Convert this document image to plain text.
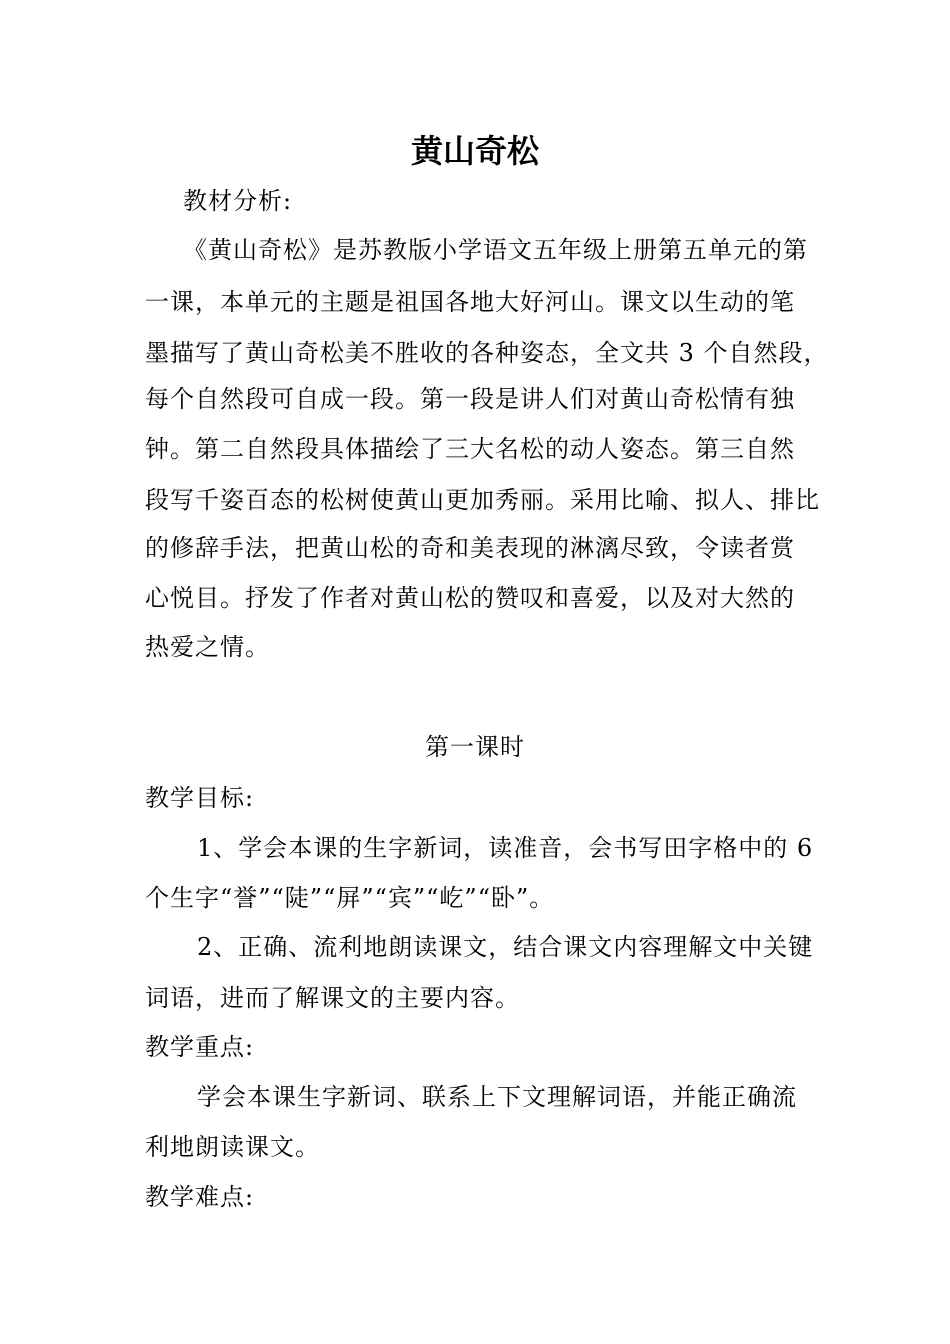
黄山奇松
教材分析:
《黄山奇松》是苏教版小学语文五年级上册第五单元的第
一课，本单元的主题是祖国各地大好河山。课文以生动的笔
墨描写了黄山奇松美不胜收的各种姿态，全文共 3 个自然段，
每个自然段可自成一段。第一段是讲人们对黄山奇松情有独
钟。第二自然段具体描绘了三大名松的动人姿态。第三自然
段写千姿百态的松树使黄山更加秀丽。采用比喻、拟人、排比
的修辞手法，把黄山松的奇和美表现的淋漓尽致，令读者赏
心悦目。抒发了作者对黄山松的赞叹和喜爱，以及对大然的
热爱之情。
第一课时
教学目标:
1、学会本课的生字新词，读准音，会书写田字格中的 6
个生字“誉”“陡”“屏”“宾”“屹”“卧”。
2、正确、流利地朗读课文，结合课文内容理解文中关键
词语，进而了解课文的主要内容。
教学重点:
学会本课生字新词、联系上下文理解词语，并能正确流
利地朗读课文。
教学难点:
